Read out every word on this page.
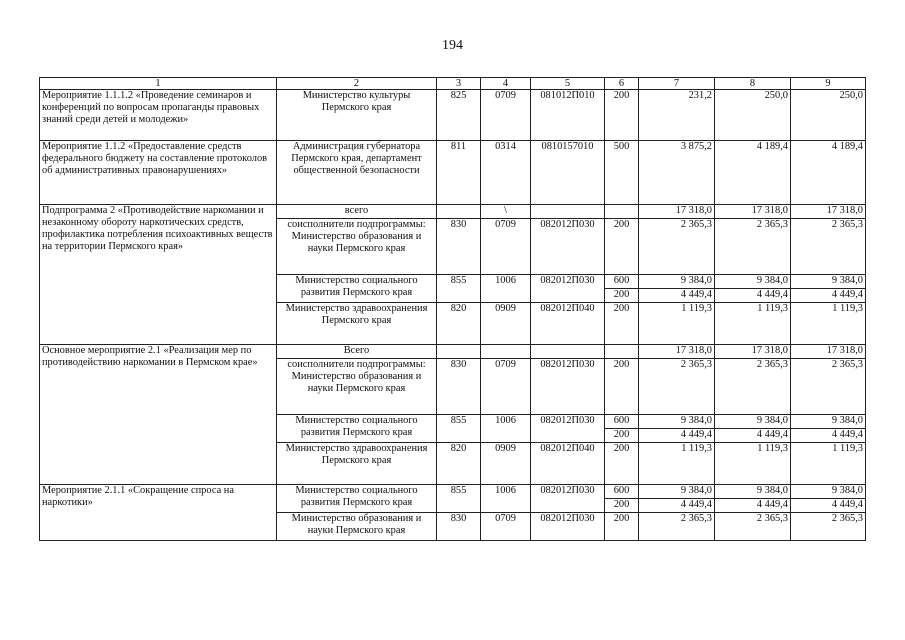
194
1	2	3	4	5	6	7	8	9
Мероприятие 1.1.1.2 «Проведение семинаров и конференций по вопросам пропаганды правовых знаний среди детей и молодежи»	Министерство культуры Пермского края	825	0709	081012П010	200	231,2	250,0	250,0
Мероприятие 1.1.2 «Предоставление средств федерального бюджету на составление протоколов об административных правонарушениях»	Администрация губернатора Пермского края, департамент общественной безопасности	811	0314	0810157010	500	3 875,2	4 189,4	4 189,4
Подпрограмма 2 «Противодействие наркомании и незаконному обороту наркотических средств, профилактика потребления психоактивных веществ на территории Пермского края»	всего		\			17 318,0	17 318,0	17 318,0
	соисполнители подпрограммы: Министерство образования и науки Пермского края	830	0709	082012П030	200	2 365,3	2 365,3	2 365,3
	Министерство социального развития Пермского края	855	1006	082012П030	600	9 384,0	9 384,0	9 384,0
					200	4 449,4	4 449,4	4 449,4
	Министерство здравоохранения Пермского края	820	0909	082012П040	200	1 119,3	1 119,3	1 119,3
Основное мероприятие 2.1 «Реализация мер по противодействию наркомании в Пермском крае»	Всего					17 318,0	17 318,0	17 318,0
	соисполнители подпрограммы: Министерство образования и науки Пермского края	830	0709	082012П030	200	2 365,3	2 365,3	2 365,3
	Министерство социального развития Пермского края	855	1006	082012П030	600	9 384,0	9 384,0	9 384,0
					200	4 449,4	4 449,4	4 449,4
	Министерство здравоохранения Пермского края	820	0909	082012П040	200	1 119,3	1 119,3	1 119,3
Мероприятие 2.1.1 «Сокращение спроса на наркотики»	Министерство социального развития Пермского края	855	1006	082012П030	600	9 384,0	9 384,0	9 384,0
					200	4 449,4	4 449,4	4 449,4
	Министерство образования и науки Пермского края	830	0709	082012П030	200	2 365,3	2 365,3	2 365,3
